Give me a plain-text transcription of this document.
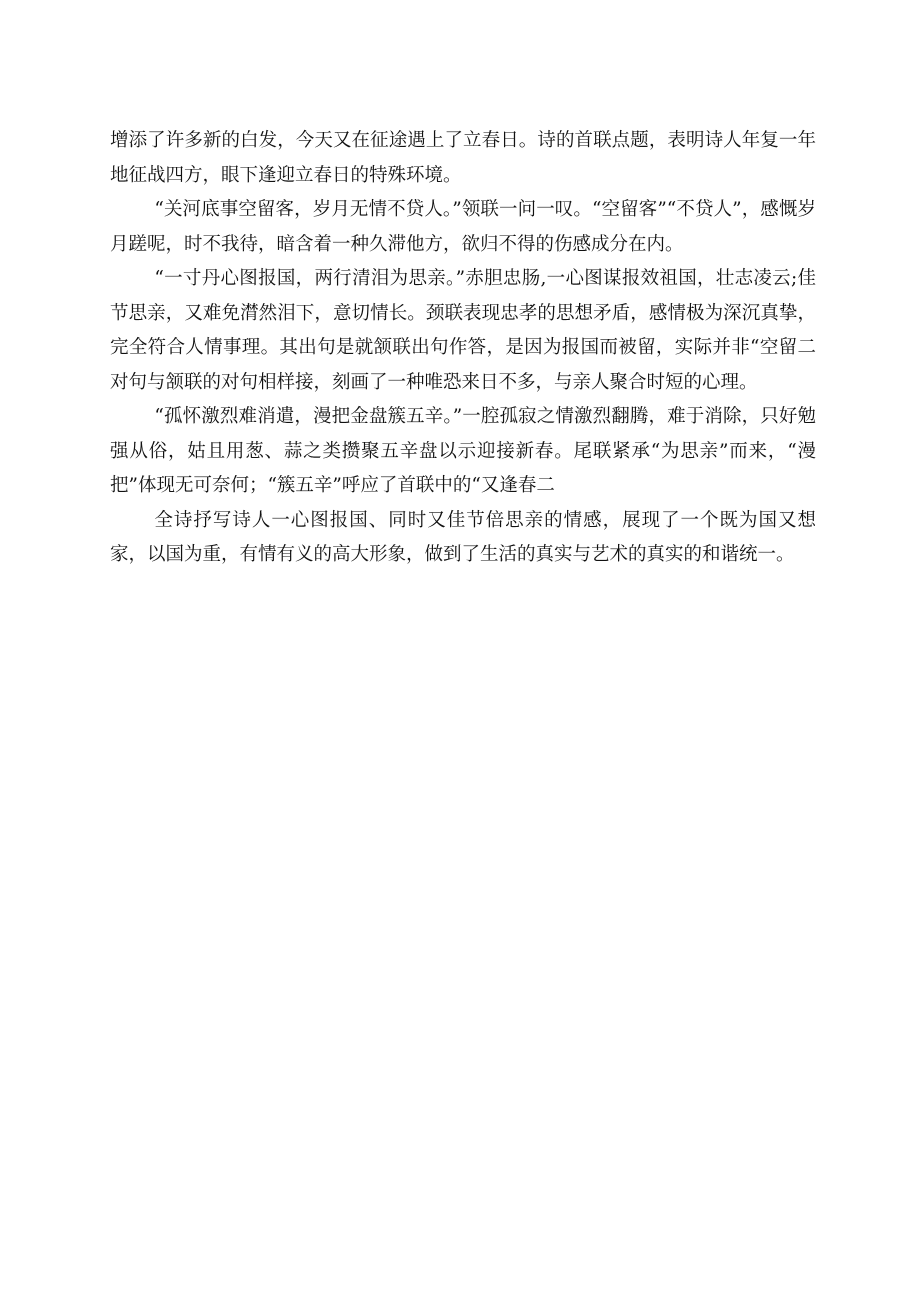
增添了许多新的白发，今天又在征途遇上了立春日。诗的首联点题，表明诗人年复一年地征战四方，眼下逢迎立春日的特殊环境。

“关河底事空留客，岁月无情不贷人。”领联一问一叹。“空留客”“不贷人”，感慨岁月蹉呢，时不我待，暗含着一种久滞他方，欲归不得的伤感成分在内。

“一寸丹心图报国，两行清泪为思亲。”赤胆忠肠,一心图谋报效祖国，壮志凌云;佳节思亲，又难免潸然泪下，意切情长。颈联表现忠孝的思想矛盾，感情极为深沉真挚，完全符合人情事理。其出句是就颔联出句作答，是因为报国而被留，实际并非“空留二对句与颔联的对句相样接，刻画了一种唯恐来日不多，与亲人聚合时短的心理。

“孤怀激烈难消遣，漫把金盘簇五辛。”一腔孤寂之情激烈翻腾，难于消除，只好勉强从俗，姑且用葱、蒜之类攒聚五辛盘以示迎接新春。尾联紧承“为思亲”而来，“漫把”体现无可奈何；“簇五辛”呼应了首联中的“又逢春二

全诗抒写诗人一心图报国、同时又佳节倍思亲的情感，展现了一个既为国又想家，以国为重，有情有义的高大形象，做到了生活的真实与艺术的真实的和谐统一。
